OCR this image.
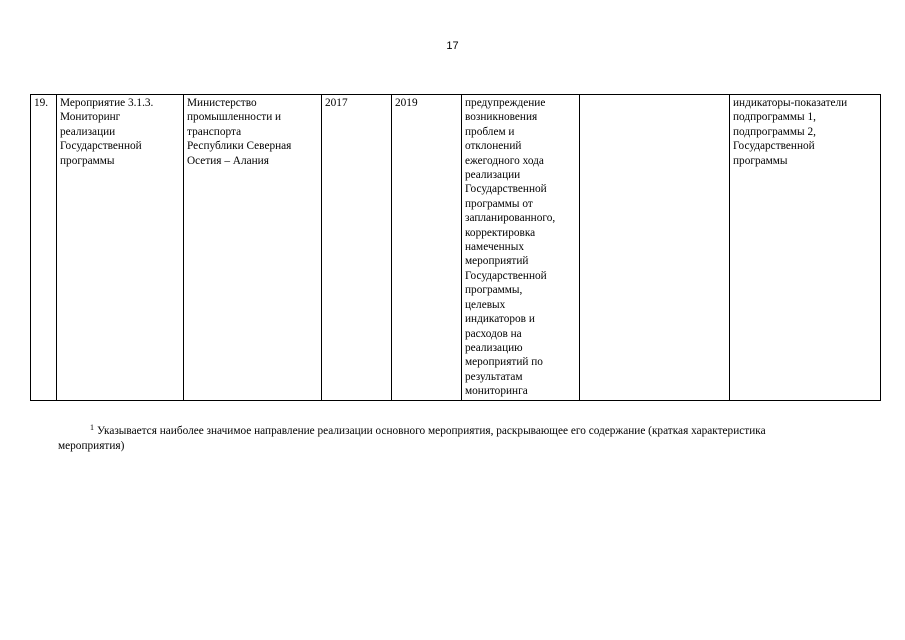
17
19.	Мероприятие 3.1.3.
Мониторинг
реализации
Государственной
программы	Министерство
промышленности и
транспорта
Республики Северная
Осетия – Алания	2017	2019	предупреждение
возникновения
проблем и
отклонений
ежегодного хода
реализации
Государственной
программы от
запланированного,
корректировка
намеченных
мероприятий
Государственной
программы,
целевых
индикаторов и
расходов на
реализацию
мероприятий по
результатам
мониторинга		индикаторы-показатели
подпрограммы 1,
подпрограммы 2,
Государственной
программы
$^1$ Указывается наиболее значимое направление реализации основного мероприятия, раскрывающее его содержание (краткая характеристика мероприятия)
